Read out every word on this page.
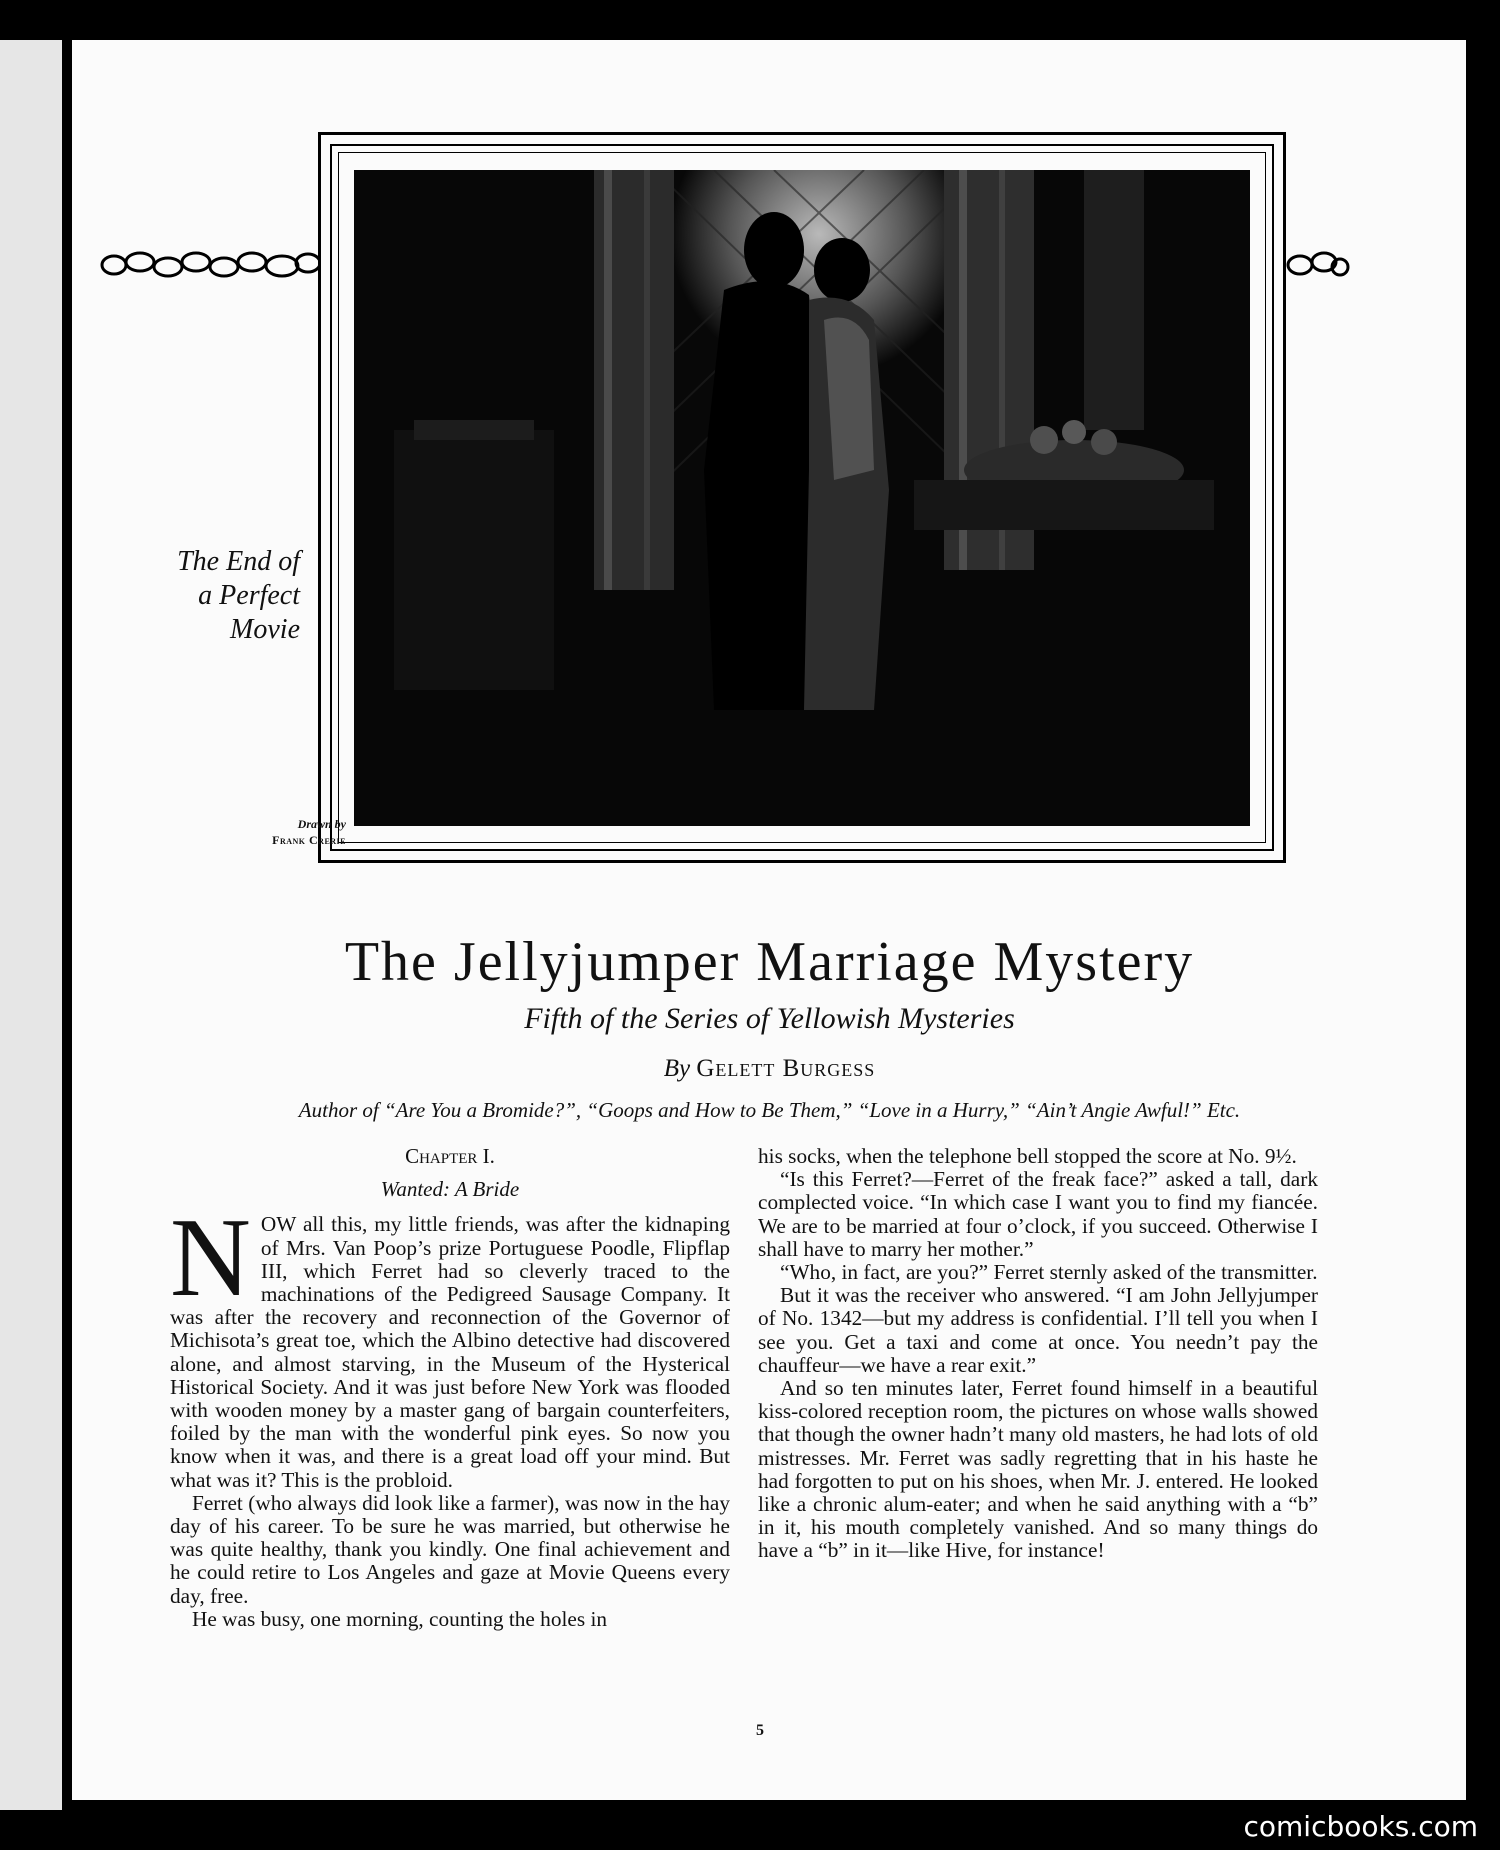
The End of
a Perfect
Movie
Drawn by
Frank Crerie
The Jellyjumper Marriage Mystery
Fifth of the Series of Yellowish Mysteries
By Gelett Burgess
Author of “Are You a Bromide?”, “Goops and How to Be Them,” “Love in a Hurry,” “Ain’t Angie Awful!” Etc.
Chapter I.
Wanted: A Bride

NOW all this, my little friends, was after the kidnaping of Mrs. Van Poop’s prize Portuguese Poodle, Flipflap III, which Ferret had so cleverly traced to the machinations of the Pedigreed Sausage Company. It was after the recovery and reconnection of the Governor of Michisota’s great toe, which the Albino detective had discovered alone, and almost starving, in the Museum of the Hysterical Historical Society. And it was just before New York was flooded with wooden money by a master gang of bargain counterfeiters, foiled by the man with the wonderful pink eyes. So now you know when it was, and there is a great load off your mind. But what was it? This is the probloid.

Ferret (who always did look like a farmer), was now in the hay day of his career. To be sure he was married, but otherwise he was quite healthy, thank you kindly. One final achievement and he could retire to Los Angeles and gaze at Movie Queens every day, free.

He was busy, one morning, counting the holes in

his socks, when the telephone bell stopped the score at No. 9½.

“Is this Ferret?—Ferret of the freak face?” asked a tall, dark complected voice. “In which case I want you to find my fiancée. We are to be married at four o’clock, if you succeed. Otherwise I shall have to marry her mother.”

“Who, in fact, are you?” Ferret sternly asked of the transmitter.

But it was the receiver who answered. “I am John Jellyjumper of No. 1342—but my address is confidential. I’ll tell you when I see you. Get a taxi and come at once. You needn’t pay the chauffeur—we have a rear exit.”

And so ten minutes later, Ferret found himself in a beautiful kiss-colored reception room, the pictures on whose walls showed that though the owner hadn’t many old masters, he had lots of old mistresses. Mr. Ferret was sadly regretting that in his haste he had forgotten to put on his shoes, when Mr. J. entered. He looked like a chronic alum-eater; and when he said anything with a “b” in it, his mouth completely vanished. And so many things do have a “b” in it—like Hive, for instance!

5
comicbooks.com
